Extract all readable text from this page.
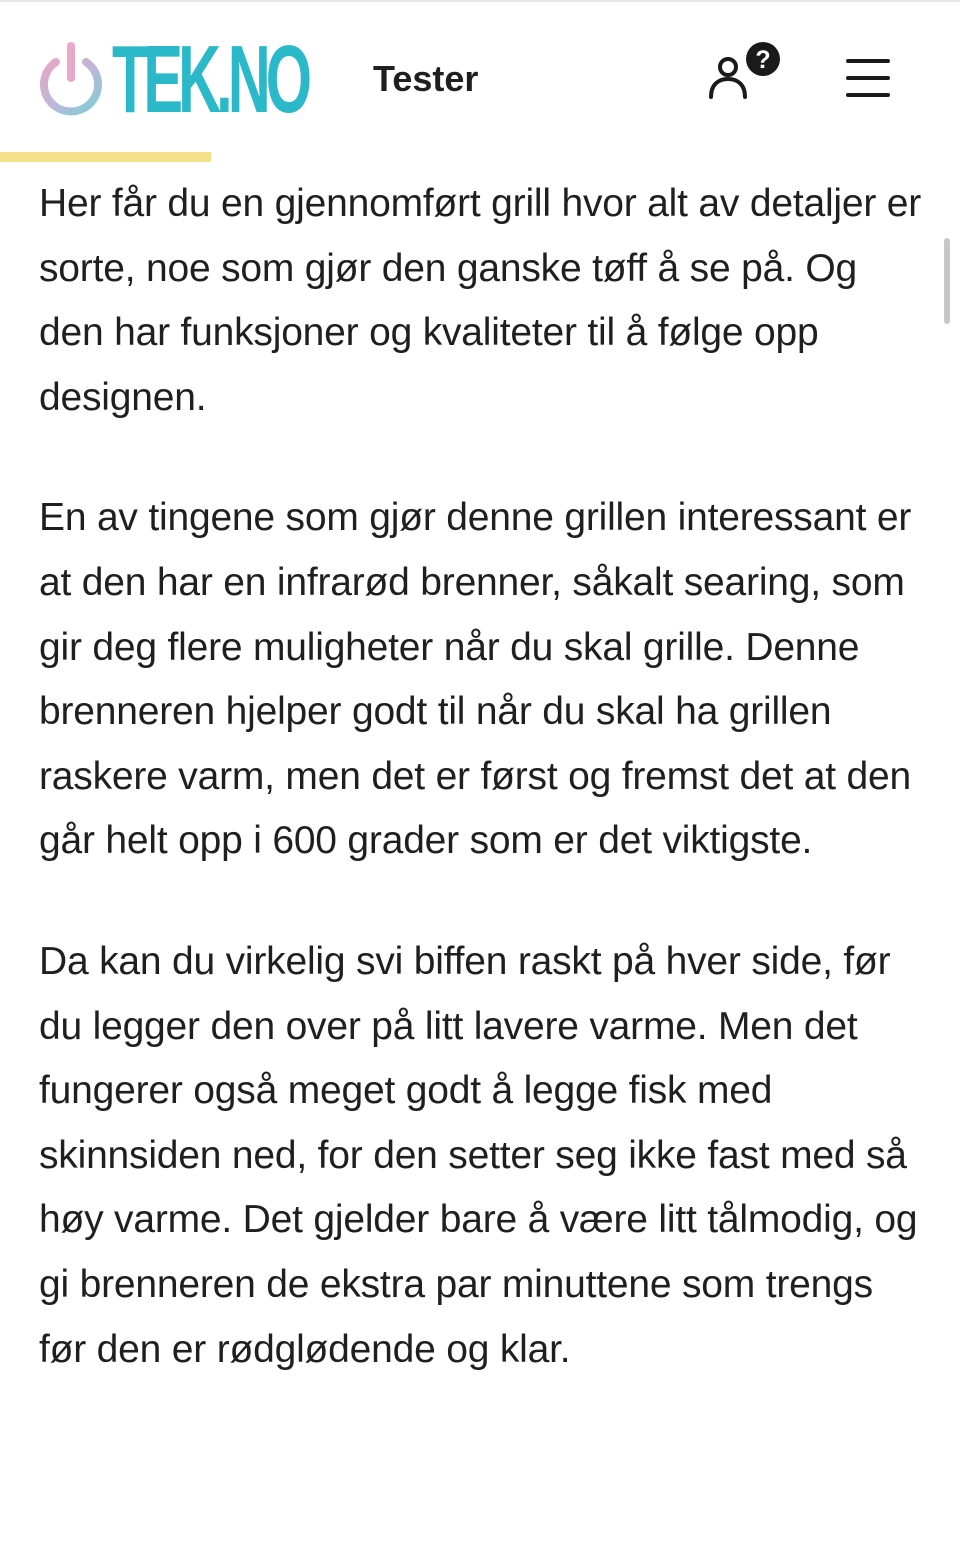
TEK.NO Tester	?

Her får du en gjennomført grill hvor alt av detaljer er sorte, noe som gjør den ganske tøff å se på. Og den har funksjoner og kvaliteter til å følge opp designen.

En av tingene som gjør denne grillen interessant er at den har en infrarød brenner, såkalt searing, som gir deg flere muligheter når du skal grille. Denne brenneren hjelper godt til når du skal ha grillen raskere varm, men det er først og fremst det at den går helt opp i 600 grader som er det viktigste.

Da kan du virkelig svi biffen raskt på hver side, før du legger den over på litt lavere varme. Men det fungerer også meget godt å legge fisk med skinnsiden ned, for den setter seg ikke fast med så høy varme. Det gjelder bare å være litt tålmodig, og gi brenneren de ekstra par minuttene som trengs før den er rødglødende og klar.
